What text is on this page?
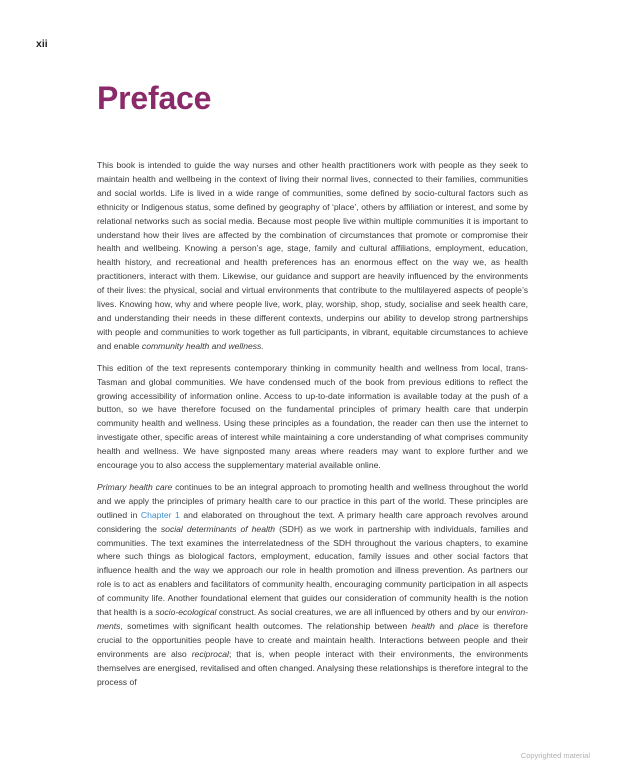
xii
Preface

This book is intended to guide the way nurses and other health practitioners work with people as they seek to maintain health and wellbeing in the context of living their normal lives, connected to their families, communities and social worlds. Life is lived in a wide range of communities, some defined by socio-cultural factors such as ethnicity or Indigenous status, some defined by geography of ‘place’, others by affiliation or interest, and some by relational networks such as social media. Because most people live within multiple communities it is important to understand how their lives are affected by the combination of circumstances that promote or compromise their health and wellbeing. Knowing a person’s age, stage, family and cultural affiliations, employment, education, health history, and recreational and health preferences has an enormous effect on the way we, as health practitioners, interact with them. Likewise, our guidance and support are heavily influenced by the environments of their lives: the physical, social and virtual environments that contribute to the multilayered aspects of people’s lives. Knowing how, why and where people live, work, play, worship, shop, study, socialise and seek health care, and understanding their needs in these different contexts, underpins our ability to develop strong partnerships with people and communities to work together as full participants, in vibrant, equitable circumstances to achieve and enable community health and wellness.

This edition of the text represents contemporary thinking in community health and wellness from local, trans-Tasman and global communities. We have condensed much of the book from previous editions to reflect the growing accessibility of information online. Access to up-to-date information is available today at the push of a button, so we have therefore focused on the fundamental principles of primary health care that underpin community health and wellness. Using these principles as a foundation, the reader can then use the internet to investigate other, specific areas of interest while maintaining a core understanding of what comprises community health and wellness. We have signposted many areas where readers may want to explore further and we encourage you to also access the supplementary material available online.

Primary health care continues to be an integral approach to promoting health and wellness throughout the world and we apply the principles of primary health care to our practice in this part of the world. These principles are outlined in Chapter 1 and elaborated on throughout the text. A primary health care approach revolves around considering the social determinants of health (SDH) as we work in partnership with individuals, families and communities. The text examines the interrelatedness of the SDH throughout the various chapters, to examine where such things as biological factors, employment, education, family issues and other social factors that influence health and the way we approach our role in health promotion and illness prevention. As partners our role is to act as enablers and facilitators of community health, encouraging community participation in all aspects of community life. Another foundational element that guides our consideration of community health is the notion that health is a socio-ecological construct. As social creatures, we are all influenced by others and by our environments, sometimes with significant health outcomes. The relationship between health and place is therefore crucial to the opportunities people have to create and maintain health. Interactions between people and their environments are also reciprocal; that is, when people interact with their environments, the environments themselves are energised, revitalised and often changed. Analysing these relationships is therefore integral to the process of

Copyrighted material
